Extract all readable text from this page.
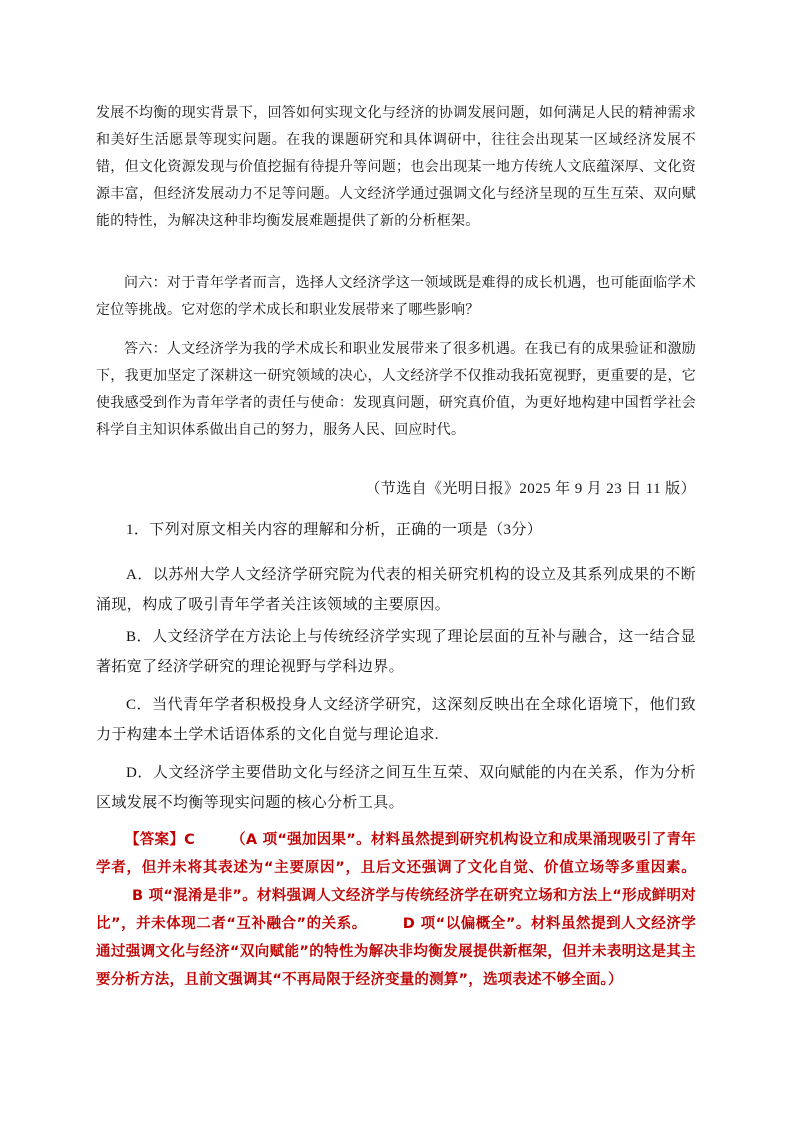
发展不均衡的现实背景下，回答如何实现文化与经济的协调发展问题，如何满足人民的精神需求和美好生活愿景等现实问题。在我的课题研究和具体调研中，往往会出现某一区域经济发展不错，但文化资源发现与价值挖掘有待提升等问题；也会出现某一地方传统人文底蕴深厚、文化资源丰富，但经济发展动力不足等问题。人文经济学通过强调文化与经济呈现的互生互荣、双向赋能的特性，为解决这种非均衡发展难题提供了新的分析框架。

问六：对于青年学者而言，选择人文经济学这一领域既是难得的成长机遇，也可能面临学术定位等挑战。它对您的学术成长和职业发展带来了哪些影响？

答六：人文经济学为我的学术成长和职业发展带来了很多机遇。在我已有的成果验证和激励下，我更加坚定了深耕这一研究领域的决心，人文经济学不仅推动我拓宽视野，更重要的是，它使我感受到作为青年学者的责任与使命：发现真问题，研究真价值，为更好地构建中国哲学社会科学自主知识体系做出自己的努力，服务人民、回应时代。

（节选自《光明日报》2025 年 9 月 23 日 11 版）

1．下列对原文相关内容的理解和分析，正确的一项是（3分）

A．以苏州大学人文经济学研究院为代表的相关研究机构的设立及其系列成果的不断涌现，构成了吸引青年学者关注该领域的主要原因。

B．人文经济学在方法论上与传统经济学实现了理论层面的互补与融合，这一结合显著拓宽了经济学研究的理论视野与学科边界。

C．当代青年学者积极投身人文经济学研究，这深刻反映出在全球化语境下，他们致力于构建本土学术话语体系的文化自觉与理论追求.

D．人文经济学主要借助文化与经济之间互生互荣、双向赋能的内在关系，作为分析区域发展不均衡等现实问题的核心分析工具。

【答案】C （A 项“强加因果”。材料虽然提到研究机构设立和成果涌现吸引了青年学者，但并未将其表述为“主要原因”，且后文还强调了文化自觉、价值立场等多重因素。B 项“混淆是非”。材料强调人文经济学与传统经济学在研究立场和方法上“形成鲜明对比”，并未体现二者“互补融合”的关系。 D 项“以偏概全”。材料虽然提到人文经济学通过强调文化与经济“双向赋能”的特性为解决非均衡发展提供新框架，但并未表明这是其主要分析方法，且前文强调其“不再局限于经济变量的测算”，选项表述不够全面。）
